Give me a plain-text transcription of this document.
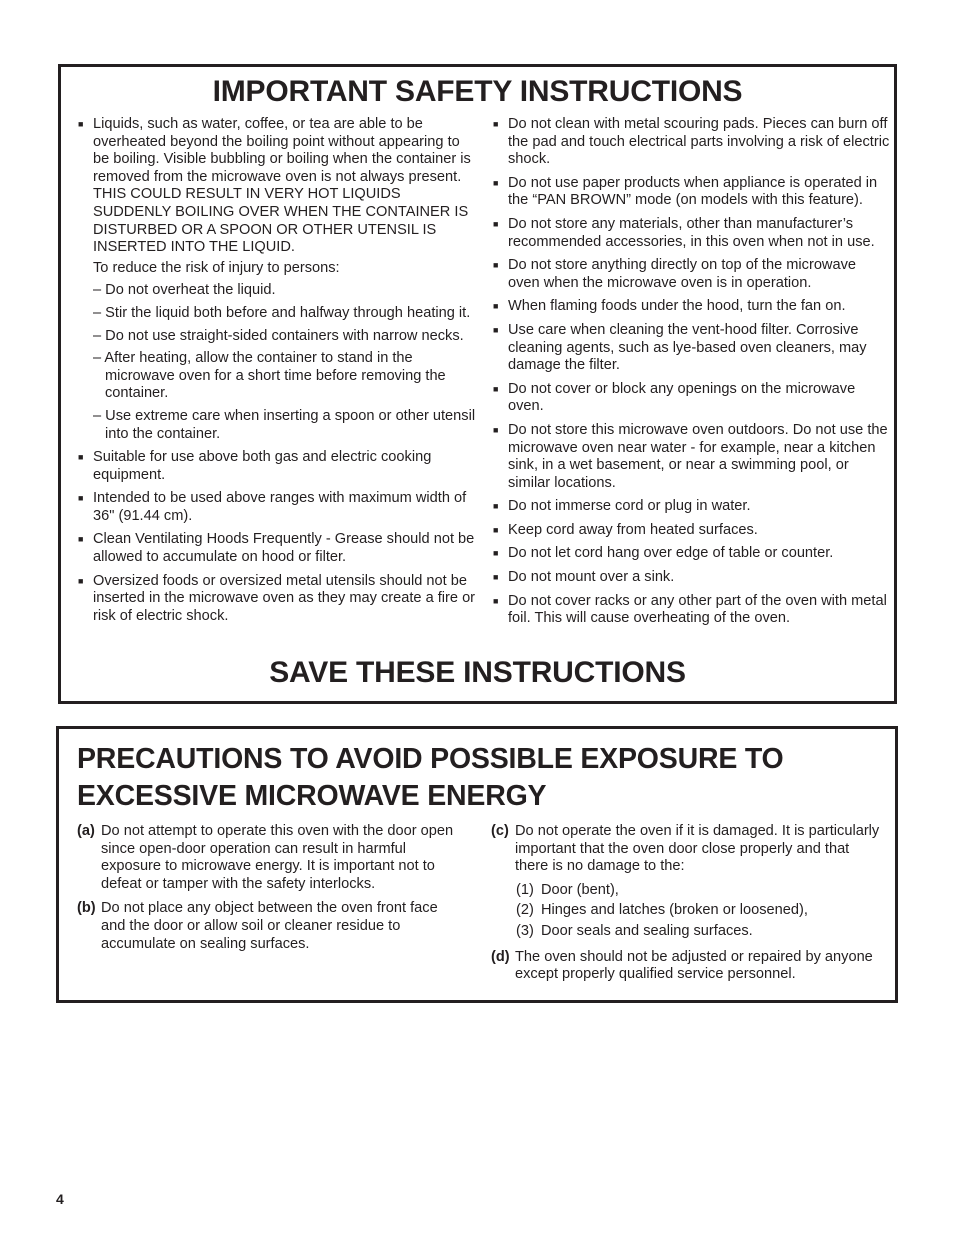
IMPORTANT SAFETY INSTRUCTIONS

■ Liquids, such as water, coffee, or tea are able to be overheated beyond the boiling point without appearing to be boiling. Visible bubbling or boiling when the container is removed from the microwave oven is not always present. THIS COULD RESULT IN VERY HOT LIQUIDS SUDDENLY BOILING OVER WHEN THE CONTAINER IS DISTURBED OR A SPOON OR OTHER UTENSIL IS INSERTED INTO THE LIQUID.

To reduce the risk of injury to persons:

– Do not overheat the liquid.

– Stir the liquid both before and halfway through heating it.

– Do not use straight-sided containers with narrow necks.

– After heating, allow the container to stand in the microwave oven for a short time before removing the container.

– Use extreme care when inserting a spoon or other utensil into the container.

■ Suitable for use above both gas and electric cooking equipment.

■ Intended to be used above ranges with maximum width of 36" (91.44 cm).

■ Clean Ventilating Hoods Frequently - Grease should not be allowed to accumulate on hood or filter.

■ Oversized foods or oversized metal utensils should not be inserted in the microwave oven as they may create a fire or risk of electric shock.

■ Do not clean with metal scouring pads. Pieces can burn off the pad and touch electrical parts involving a risk of electric shock.

■ Do not use paper products when appliance is operated in the “PAN BROWN” mode (on models with this feature).

■ Do not store any materials, other than manufacturer’s recommended accessories, in this oven when not in use.

■ Do not store anything directly on top of the microwave oven when the microwave oven is in operation.

■ When flaming foods under the hood, turn the fan on.

■ Use care when cleaning the vent-hood filter. Corrosive cleaning agents, such as lye-based oven cleaners, may damage the filter.

■ Do not cover or block any openings on the microwave oven.

■ Do not store this microwave oven outdoors. Do not use the microwave oven near water - for example, near a kitchen sink, in a wet basement, or near a swimming pool, or similar locations.

■ Do not immerse cord or plug in water.

■ Keep cord away from heated surfaces.

■ Do not let cord hang over edge of table or counter.

■ Do not mount over a sink.

■ Do not cover racks or any other part of the oven with metal foil. This will cause overheating of the oven.

SAVE THESE INSTRUCTIONS
PRECAUTIONS TO AVOID POSSIBLE EXPOSURE TO EXCESSIVE MICROWAVE ENERGY
(a) Do not attempt to operate this oven with the door open since open-door operation can result in harmful exposure to microwave energy. It is important not to defeat or tamper with the safety interlocks.
(b) Do not place any object between the oven front face and the door or allow soil or cleaner residue to accumulate on sealing surfaces.
(c) Do not operate the oven if it is damaged. It is particularly important that the oven door close properly and that there is no damage to the:
(1) Door (bent),
(2) Hinges and latches (broken or loosened),
(3) Door seals and sealing surfaces.
(d) The oven should not be adjusted or repaired by anyone except properly qualified service personnel.
4
